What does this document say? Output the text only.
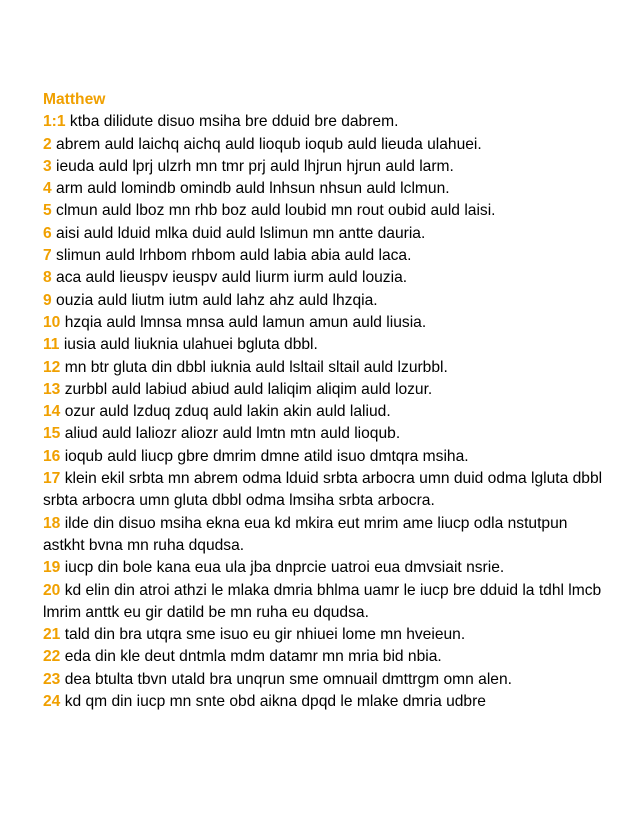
Matthew
1:1 ktba dilidute disuo msiha bre dduid bre dabrem.
2 abrem auld laichq aichq auld lioqub ioqub auld lieuda ulahuei.
3 ieuda auld lprj ulzrh mn tmr prj auld lhjrun hjrun auld larm.
4 arm auld lomindb omindb auld lnhsun nhsun auld lclmun.
5 clmun auld lboz mn rhb boz auld loubid mn rout oubid auld laisi.
6 aisi auld lduid mlka duid auld lslimun mn antte dauria.
7 slimun auld lrhbom rhbom auld labia abia auld laca.
8 aca auld lieuspv ieuspv auld liurm iurm auld louzia.
9 ouzia auld liutm iutm auld lahz ahz auld lhzqia.
10 hzqia auld lmnsa mnsa auld lamun amun auld liusia.
11 iusia auld liuknia ulahuei bgluta dbbl.
12 mn btr gluta din dbbl iuknia auld lsltail sltail auld lzurbbl.
13 zurbbl auld labiud abiud auld laliqim aliqim auld lozur.
14 ozur auld lzduq zduq auld lakin akin auld laliud.
15 aliud auld laliozr aliozr auld lmtn mtn auld lioqub.
16 ioqub auld liucp gbre dmrim dmne atild isuo dmtqra msiha.
17 klein ekil srbta mn abrem odma lduid srbta arbocra umn duid odma lgluta dbbl srbta arbocra umn gluta dbbl odma lmsiha srbta arbocra.
18 ilde din disuo msiha ekna eua kd mkira eut mrim ame liucp odla nstutpun astkht bvna mn ruha dqudsa.
19 iucp din bole kana eua ula jba dnprcie uatroi eua dmvsiait nsrie.
20 kd elin din atroi athzi le mlaka dmria bhlma uamr le iucp bre dduid la tdhl lmcb lmrim anttk eu gir datild be mn ruha eu dqudsa.
21 tald din bra utqra sme isuo eu gir nhiuei lome mn hveieun.
22 eda din kle deut dntmla mdm datamr mn mria bid nbia.
23 dea btulta tbvn utald bra unqrun sme omnuail dmttrgm omn alen.
24 kd qm din iucp mn snte obd aikna dpqd le mlake dmria udbre
